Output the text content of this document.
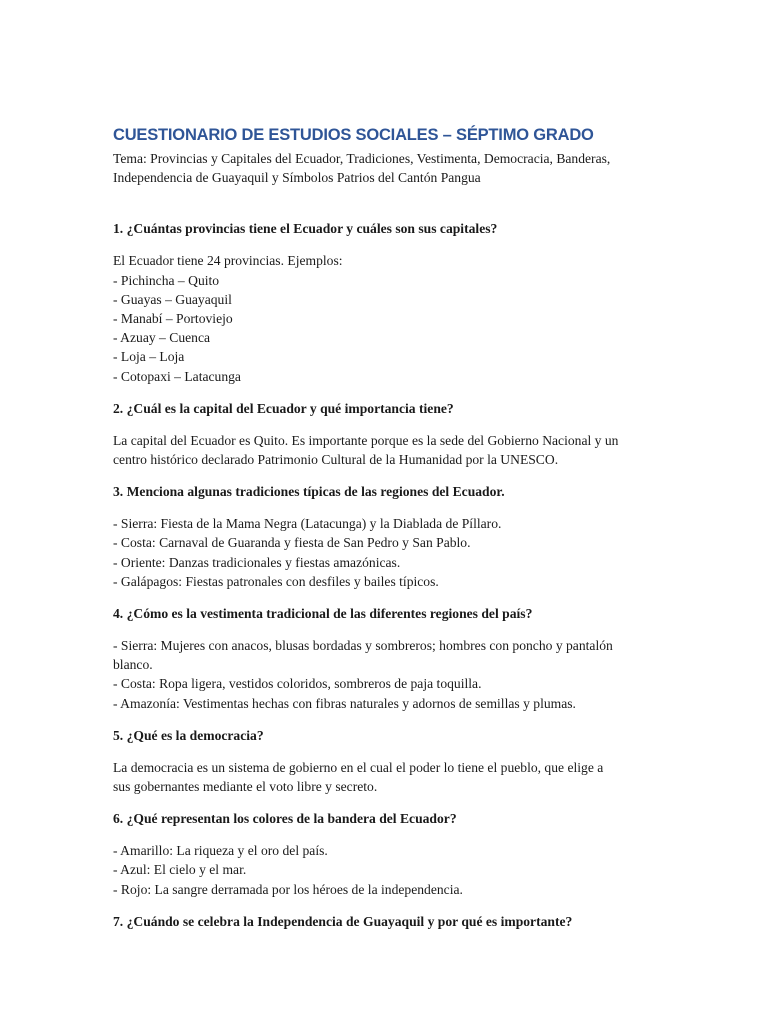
CUESTIONARIO DE ESTUDIOS SOCIALES – SÉPTIMO GRADO

Tema: Provincias y Capitales del Ecuador, Tradiciones, Vestimenta, Democracia, Banderas,
Independencia de Guayaquil y Símbolos Patrios del Cantón Pangua

1. ¿Cuántas provincias tiene el Ecuador y cuáles son sus capitales?

El Ecuador tiene 24 provincias. Ejemplos:
- Pichincha – Quito
- Guayas – Guayaquil
- Manabí – Portoviejo
- Azuay – Cuenca
- Loja – Loja
- Cotopaxi – Latacunga

2. ¿Cuál es la capital del Ecuador y qué importancia tiene?

La capital del Ecuador es Quito. Es importante porque es la sede del Gobierno Nacional y un
centro histórico declarado Patrimonio Cultural de la Humanidad por la UNESCO.

3. Menciona algunas tradiciones típicas de las regiones del Ecuador.

- Sierra: Fiesta de la Mama Negra (Latacunga) y la Diablada de Píllaro.
- Costa: Carnaval de Guaranda y fiesta de San Pedro y San Pablo.
- Oriente: Danzas tradicionales y fiestas amazónicas.
- Galápagos: Fiestas patronales con desfiles y bailes típicos.

4. ¿Cómo es la vestimenta tradicional de las diferentes regiones del país?

- Sierra: Mujeres con anacos, blusas bordadas y sombreros; hombres con poncho y pantalón
blanco.
- Costa: Ropa ligera, vestidos coloridos, sombreros de paja toquilla.
- Amazonía: Vestimentas hechas con fibras naturales y adornos de semillas y plumas.

5. ¿Qué es la democracia?

La democracia es un sistema de gobierno en el cual el poder lo tiene el pueblo, que elige a
sus gobernantes mediante el voto libre y secreto.

6. ¿Qué representan los colores de la bandera del Ecuador?

- Amarillo: La riqueza y el oro del país.
- Azul: El cielo y el mar.
- Rojo: La sangre derramada por los héroes de la independencia.

7. ¿Cuándo se celebra la Independencia de Guayaquil y por qué es importante?
